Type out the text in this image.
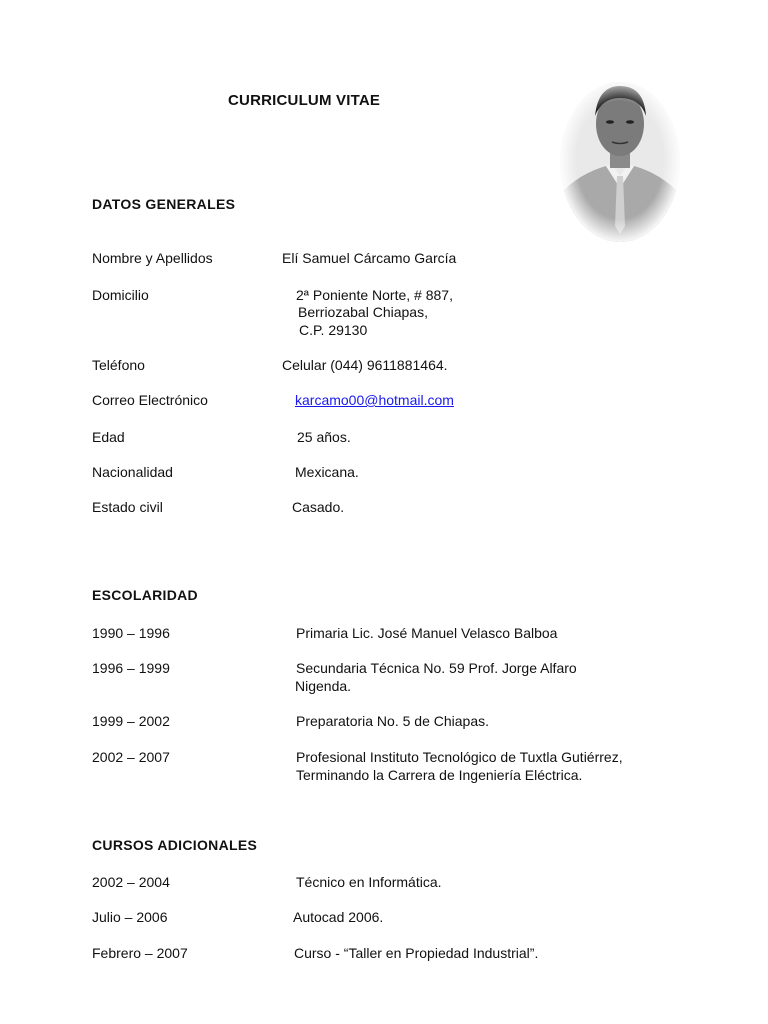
CURRICULUM VITAE
DATOS GENERALES
Nombre y Apellidos	Elí Samuel Cárcamo García
Domicilio	2ª Poniente Norte, # 887,
Berriozabal Chiapas,
C.P. 29130
Teléfono	Celular (044) 9611881464.
Correo Electrónico	karcamo00@hotmail.com
Edad	25 años.
Nacionalidad	Mexicana.
Estado civil	Casado.
ESCOLARIDAD
1990 – 1996	Primaria Lic. José Manuel Velasco Balboa
1996 – 1999	Secundaria Técnica No. 59 Prof. Jorge Alfaro
Nigenda.
1999 – 2002	Preparatoria No. 5 de Chiapas.
2002 – 2007	Profesional Instituto Tecnológico de Tuxtla Gutiérrez,
Terminando la Carrera de Ingeniería Eléctrica.
CURSOS ADICIONALES
2002 – 2004	Técnico en Informática.
Julio – 2006	Autocad 2006.
Febrero – 2007	Curso - “Taller en Propiedad Industrial”.
